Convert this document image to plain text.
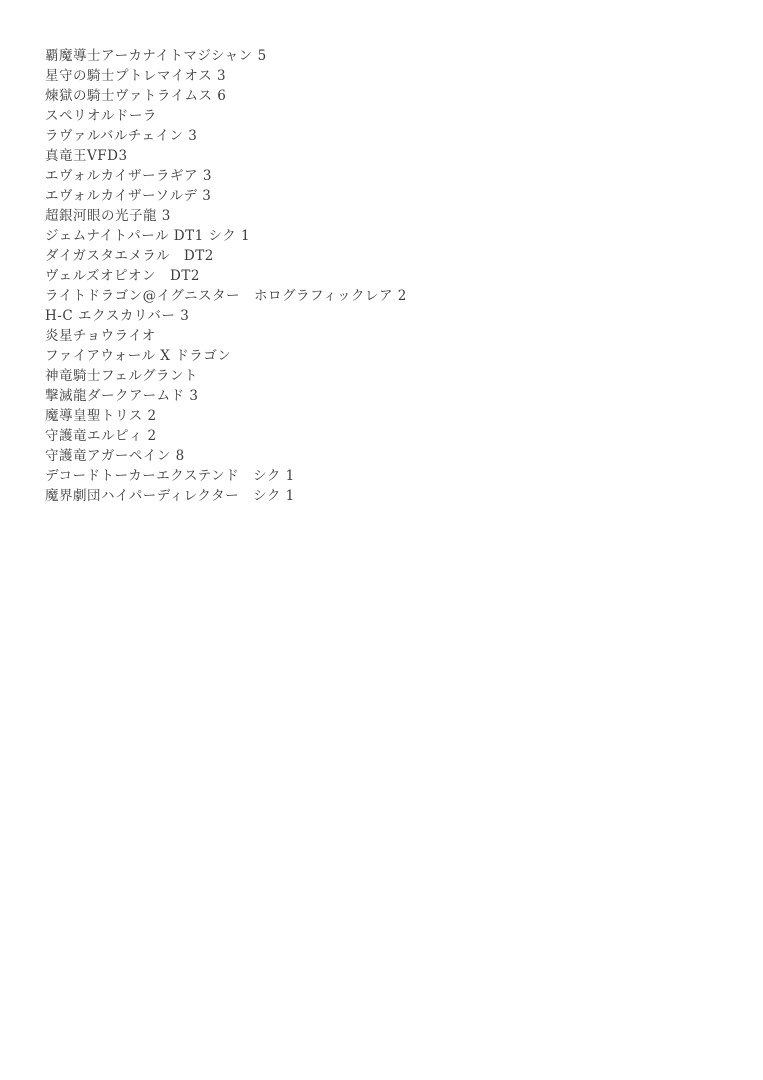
覇魔導士アーカナイトマジシャン 5
星守の騎士プトレマイオス 3
煉獄の騎士ヴァトライムス 6
スペリオルドーラ
ラヴァルバルチェイン 3
真竜王VFD3
エヴォルカイザーラギア 3
エヴォルカイザーソルデ 3
超銀河眼の光子龍 3
ジェムナイトパール DT1 シク 1
ダイガスタエメラル　DT2
ヴェルズオピオン　DT2
ライトドラゴン@イグニスター　ホログラフィックレア 2
H-C エクスカリバー 3
炎星チョウライオ
ファイアウォール X ドラゴン
神竜騎士フェルグラント
撃滅龍ダークアームド 3
魔導皇聖トリス 2
守護竜エルピィ 2
守護竜アガーペイン 8
デコードトーカーエクステンド　シク 1
魔界劇団ハイパーディレクター　シク 1
